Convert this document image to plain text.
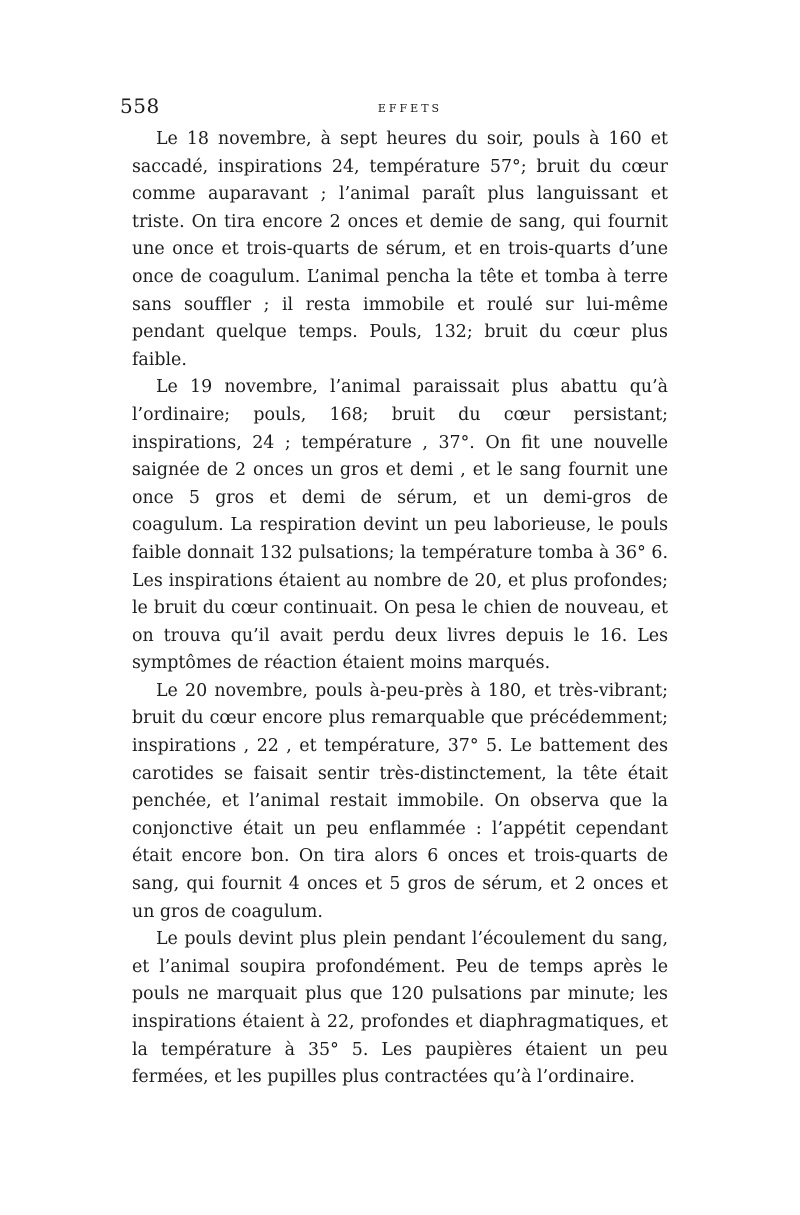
558	EFFETS

Le 18 novembre, à sept heures du soir, pouls à 160 et saccadé, inspirations 24, température 57°; bruit du cœur comme auparavant ; l’animal paraît plus languissant et triste. On tira encore 2 onces et demie de sang, qui fournit une once et trois-quarts de sérum, et en trois-quarts d’une once de coagulum. L’animal pencha la tête et tomba à terre sans souffler ; il resta immobile et roulé sur lui-même pendant quelque temps. Pouls, 132; bruit du cœur plus faible.

Le 19 novembre, l’animal paraissait plus abattu qu’à l’ordinaire; pouls, 168; bruit du cœur persistant; inspirations, 24 ; température , 37°. On fit une nouvelle saignée de 2 onces un gros et demi , et le sang fournit une once 5 gros et demi de sérum, et un demi-gros de coagulum. La respiration devint un peu laborieuse, le pouls faible donnait 132 pulsations; la température tomba à 36° 6. Les inspirations étaient au nombre de 20, et plus profondes; le bruit du cœur continuait. On pesa le chien de nouveau, et on trouva qu’il avait perdu deux livres depuis le 16. Les symptômes de réaction étaient moins marqués.

Le 20 novembre, pouls à-peu-près à 180, et très-vibrant; bruit du cœur encore plus remarquable que précédemment; inspirations , 22 , et température, 37° 5. Le battement des carotides se faisait sentir très-distinctement, la tête était penchée, et l’animal restait immobile. On observa que la conjonctive était un peu enflammée : l’appétit cependant était encore bon. On tira alors 6 onces et trois-quarts de sang, qui fournit 4 onces et 5 gros de sérum, et 2 onces et un gros de coagulum.

Le pouls devint plus plein pendant l’écoulement du sang, et l’animal soupira profondément. Peu de temps après le pouls ne marquait plus que 120 pulsations par minute; les inspirations étaient à 22, profondes et diaphragmatiques, et la température à 35° 5. Les paupières étaient un peu fermées, et les pupilles plus contractées qu’à l’ordinaire.
